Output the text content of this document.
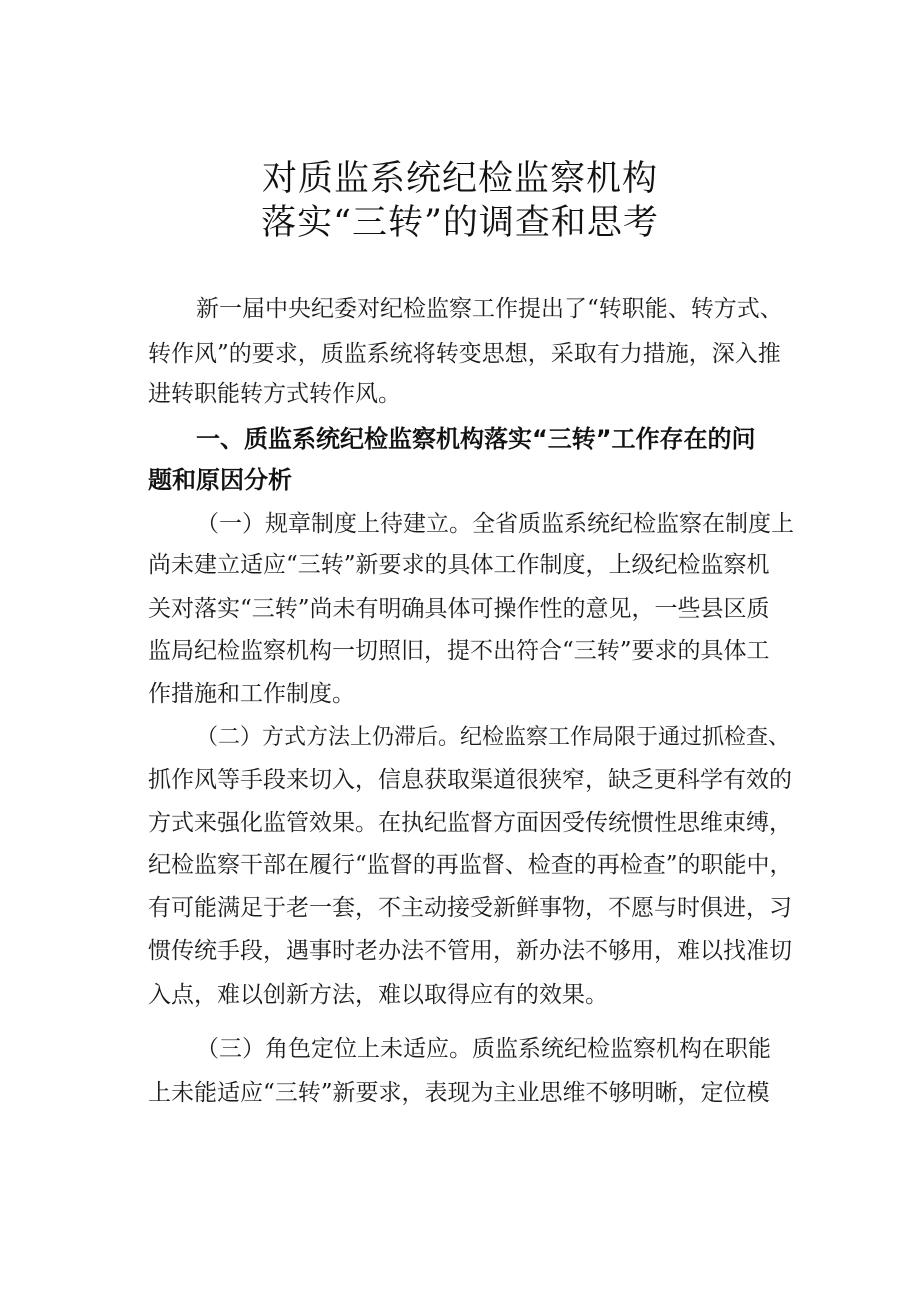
对质监系统纪检监察机构
落实“三转”的调查和思考

新一届中央纪委对纪检监察工作提出了“转职能、转方式、

转作风”的要求，质监系统将转变思想，采取有力措施，深入推

进转职能转方式转作风。

一、质监系统纪检监察机构落实“三转”工作存在的问

题和原因分析

（一）规章制度上待建立。全省质监系统纪检监察在制度上

尚未建立适应“三转”新要求的具体工作制度，上级纪检监察机

关对落实“三转”尚未有明确具体可操作性的意见，一些县区质

监局纪检监察机构一切照旧，提不出符合“三转”要求的具体工

作措施和工作制度。

（二）方式方法上仍滞后。纪检监察工作局限于通过抓检查、

抓作风等手段来切入，信息获取渠道很狭窄，缺乏更科学有效的

方式来强化监管效果。在执纪监督方面因受传统惯性思维束缚，

纪检监察干部在履行“监督的再监督、检查的再检查”的职能中，

有可能满足于老一套，不主动接受新鲜事物，不愿与时俱进，习

惯传统手段，遇事时老办法不管用，新办法不够用，难以找准切

入点，难以创新方法，难以取得应有的效果。

（三）角色定位上未适应。质监系统纪检监察机构在职能

上未能适应“三转”新要求，表现为主业思维不够明晰，定位模
